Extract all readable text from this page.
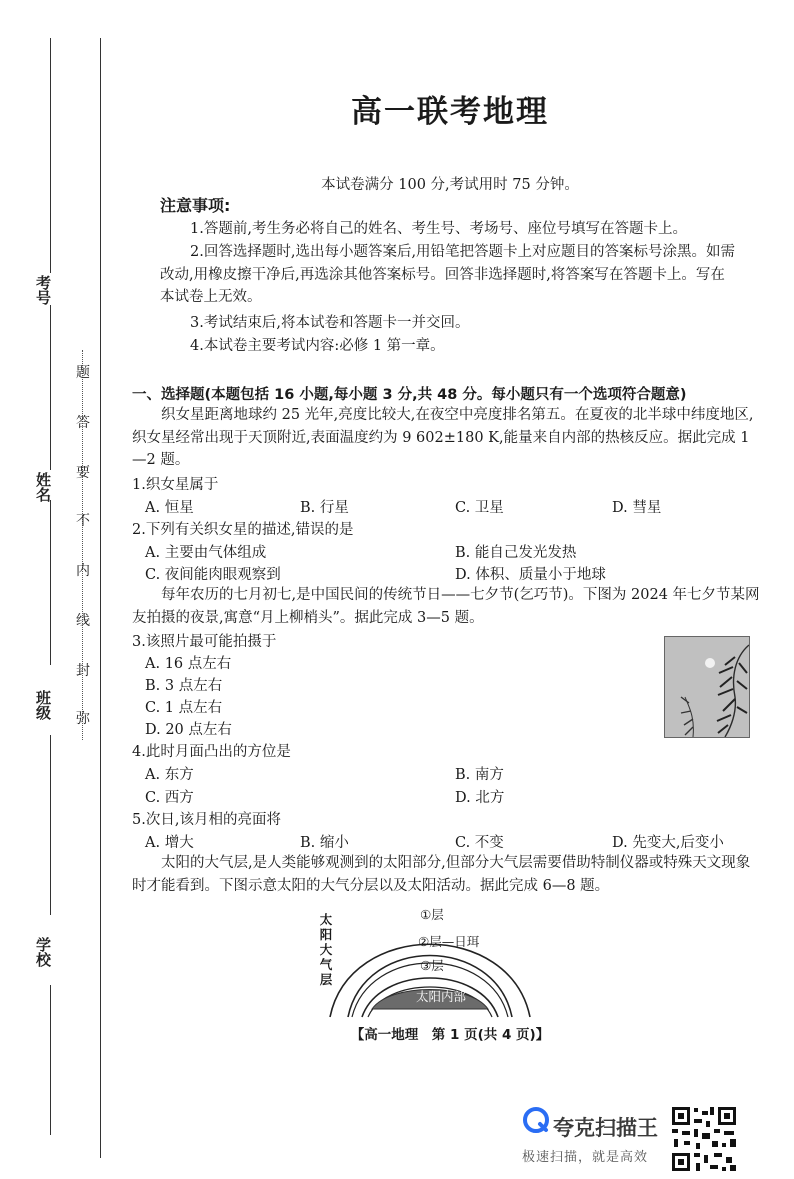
考号
姓名
班级
学校
题
答
要
不
内
线
封
弥
高一联考地理
本试卷满分 100 分,考试用时 75 分钟。
注意事项:
1.答题前,考生务必将自己的姓名、考生号、考场号、座位号填写在答题卡上。
2.回答选择题时,选出每小题答案后,用铅笔把答题卡上对应题目的答案标号涂黑。如需改动,用橡皮擦干净后,再选涂其他答案标号。回答非选择题时,将答案写在答题卡上。写在本试卷上无效。
3.考试结束后,将本试卷和答题卡一并交回。
4.本试卷主要考试内容:必修 1 第一章。
一、选择题(本题包括 16 小题,每小题 3 分,共 48 分。每小题只有一个选项符合题意)
织女星距离地球约 25 光年,亮度比较大,在夜空中亮度排名第五。在夏夜的北半球中纬度地区,织女星经常出现于天顶附近,表面温度约为 9 602±180 K,能量来自内部的热核反应。据此完成 1—2 题。
1.织女星属于
A. 恒星	B. 行星	C. 卫星	D. 彗星
2.下列有关织女星的描述,错误的是
A. 主要由气体组成	B. 能自己发光发热
C. 夜间能肉眼观察到	D. 体积、质量小于地球
每年农历的七月初七,是中国民间的传统节日——七夕节(乞巧节)。下图为 2024 年七夕节某网友拍摄的夜景,寓意“月上柳梢头”。据此完成 3—5 题。
3.该照片最可能拍摄于
A. 16 点左右
B. 3 点左右
C. 1 点左右
D. 20 点左右
4.此时月面凸出的方位是
A. 东方	B. 南方
C. 西方	D. 北方
5.次日,该月相的亮面将
A. 增大	B. 缩小	C. 不变	D. 先变大,后变小
太阳的大气层,是人类能够观测到的太阳部分,但部分大气层需要借助特制仪器或特殊天文现象时才能看到。下图示意太阳的大气分层以及太阳活动。据此完成 6—8 题。
太
阳
大
气
层
①层
②层—日珥
③层
太阳内部
【高一地理　第 1 页(共 4 页)】
夸克扫描王
极速扫描，就是高效
